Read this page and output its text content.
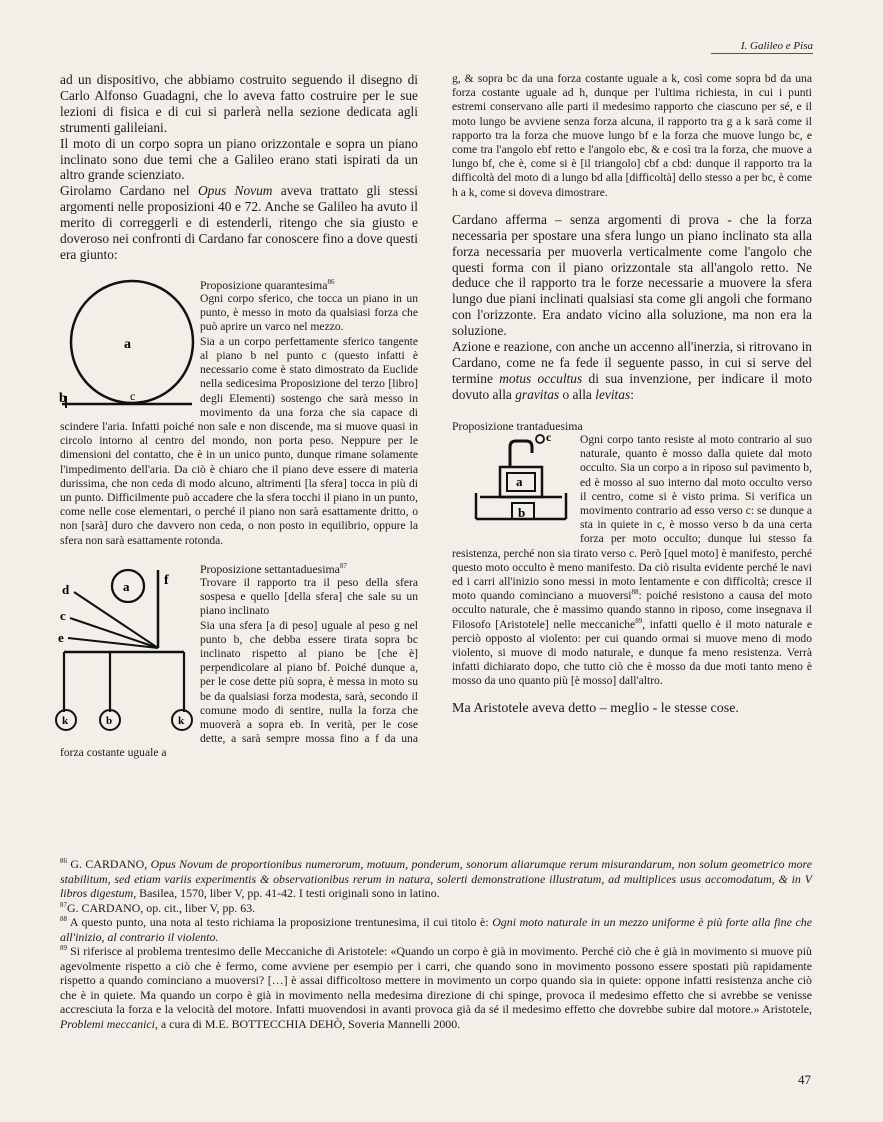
I. Galileo e Pisa

ad un dispositivo, che abbiamo costruito seguendo il disegno di Carlo Alfonso Guadagni, che lo aveva fatto costruire per le sue lezioni di fisica e di cui si parlerà nella sezione dedicata agli strumenti galileiani.

Il moto di un corpo sopra un piano orizzontale e sopra un piano inclinato sono due temi che a Galileo erano stati ispirati da un altro grande scienziato.

Girolamo Cardano nel Opus Novum aveva trattato gli stessi argomenti nelle proposizioni 40 e 72. Anche se Galileo ha avuto il merito di correggerli e di estenderli, ritengo che sia giusto e doveroso nei confronti di Cardano far conoscere fino a dove questi era giunto:

a
b	c

Proposizione quarantesima$^{86}$

Ogni corpo sferico, che tocca un piano in un punto, è messo in moto da qualsiasi forza che può aprire un varco nel mezzo.

Sia a un corpo perfettamente sferico tangente al piano b nel punto c (questo infatti è necessario come è stato dimostrato da Euclide nella sedicesima Proposizione del terzo [libro] degli Elementi) sostengo che sarà messo in movimento da una forza che sia capace di scindere l'aria. Infatti poiché non sale e non discende, ma si muove quasi in circolo intorno al centro del mondo, non porta peso. Neppure per le dimensioni del contatto, che è in un unico punto, dunque rimane solamente l'impedimento dell'aria. Da ciò è chiaro che il piano deve essere di materia durissima, che non ceda di modo alcuno, altrimenti [la sfera] tocca in più di un punto. Difficilmente può accadere che la sfera tocchi il piano in un punto, come nelle cose elementari, o perché il piano non sarà esattamente dritto, o non [sarà] duro che davvero non ceda, o non posto in equilibrio, oppure la sfera non sarà esattamente rotonda.

a f
d
c
e
k	b	k

Proposizione settantaduesima$^{87}$

Trovare il rapporto tra il peso della sfera sospesa e quello [della sfera] che sale su un piano inclinato

Sia una sfera [a di peso] uguale al peso g nel punto b, che debba essere tirata sopra bc inclinato rispetto al piano be [che è] perpendicolare al piano bf. Poiché dunque a, per le cose dette più sopra, è messa in moto su be da qualsiasi forza modesta, sarà, secondo il comune modo di sentire, nulla la forza che muoverà a sopra eb. In verità, per le cose dette, a sarà sempre mossa fino a f da una forza costante uguale a

g, & sopra bc da una forza costante uguale a k, così come sopra bd da una forza costante uguale ad h, dunque per l'ultima richiesta, in cui i punti estremi conservano alle parti il medesimo rapporto che ciascuno per sé, e il moto lungo be avviene senza forza alcuna, il rapporto tra g a k sarà come il rapporto tra la forza che muove lungo bf e la forza che muove lungo bc, e come tra l'angolo ebf retto e l'angolo ebc, & e così tra la forza, che muove a lungo bf, che è, come si è [il triangolo] cbf a cbd: dunque il rapporto tra la difficoltà del moto di a lungo bd alla [difficoltà] dello stesso a per bc, è come h a k, come si doveva dimostrare.

Cardano afferma – senza argomenti di prova - che la forza necessaria per spostare una sfera lungo un piano inclinato sta alla forza necessaria per muoverla verticalmente come l'angolo che questi forma con il piano orizzontale sta all'angolo retto. Ne deduce che il rapporto tra le forze necessarie a muovere la sfera lungo due piani inclinati qualsiasi sta come gli angoli che formano con l'orizzonte. Era andato vicino alla soluzione, ma non era la soluzione.

Azione e reazione, con anche un accenno all'inerzia, si ritrovano in Cardano, come ne fa fede il seguente passo, in cui si serve del termine motus occultus di sua invenzione, per indicare il moto dovuto alla gravitas o alla levitas:

Proposizione trantaduesima

a
b
c	Ogni corpo tanto resiste al moto contrario al suo naturale, quanto è mosso dalla quiete dal moto occulto. Sia un corpo a in riposo sul pavimento b, ed è mosso al suo interno dal moto occulto verso il centro, come si è visto prima. Si verifica un movimento contrario ad esso verso c: se dunque a sta in quiete in c, è mosso verso b da una certa forza per moto occulto; dunque lui stesso fa resistenza, perché non sia tirato verso c. Però [quel moto] è manifesto, perché questo moto occulto è meno manifesto. Da ciò risulta evidente perché le navi ed i carri all'inizio sono messi in moto lentamente e con difficoltà; cresce il moto quando cominciano a muoversi$^{88}$: poiché resistono a causa del moto occulto naturale, che è massimo quando stanno in riposo, come insegnava il Filosofo [Aristotele] nelle meccaniche$^{89}$, infatti quello è il moto naturale e perciò opposto al violento: per cui quando ormai si muove meno di modo violento, si muove di modo naturale, e dunque fa meno resistenza. Verrà infatti dichiarato dopo, che tutto ciò che è mosso da due moti tanto meno è mosso da uno quanto più [è mosso] dall'altro.

Ma Aristotele aveva detto – meglio - le stesse cose.

$^{86}$ G. CARDANO, Opus Novum de proportionibus numerorum, motuum, ponderum, sonorum aliarumque rerum misurandarum, non solum geometrico more stabilitum, sed etiam variis experimentis & observationibus rerum in natura, solerti demonstratione illustratum, ad multiplices usus accomodatum, & in V libros digestum, Basilea, 1570, liber V, pp. 41-42. I testi originali sono in latino.

$^{87}$G. CARDANO, op. cit., liber V, pp. 63.

$^{88}$ A questo punto, una nota al testo richiama la proposizione trentunesima, il cui titolo è: Ogni moto naturale in un mezzo uniforme è più forte alla fine che all'inizio, al contrario il violento.

$^{89}$ Si riferisce al problema trentesimo delle Meccaniche di Aristotele: «Quando un corpo è già in movimento. Perché ciò che è già in movimento si muove più agevolmente rispetto a ciò che è fermo, come avviene per esempio per i carri, che quando sono in movimento possono essere spostati più rapidamente rispetto a quando cominciano a muoversi? […] è assai difficoltoso mettere in movimento un corpo quando sia in quiete: oppone infatti resistenza anche ciò che è in quiete. Ma quando un corpo è già in movimento nella medesima direzione di chi spinge, provoca il medesimo effetto che si avrebbe se venisse accresciuta la forza e la velocità del motore. Infatti muovendosi in avanti provoca già da sé il medesimo effetto che dovrebbe subire dal motore.» Aristotele, Problemi meccanici, a cura di M.E. BOTTECCHIA DEHÒ, Soveria Mannelli 2000.

47
